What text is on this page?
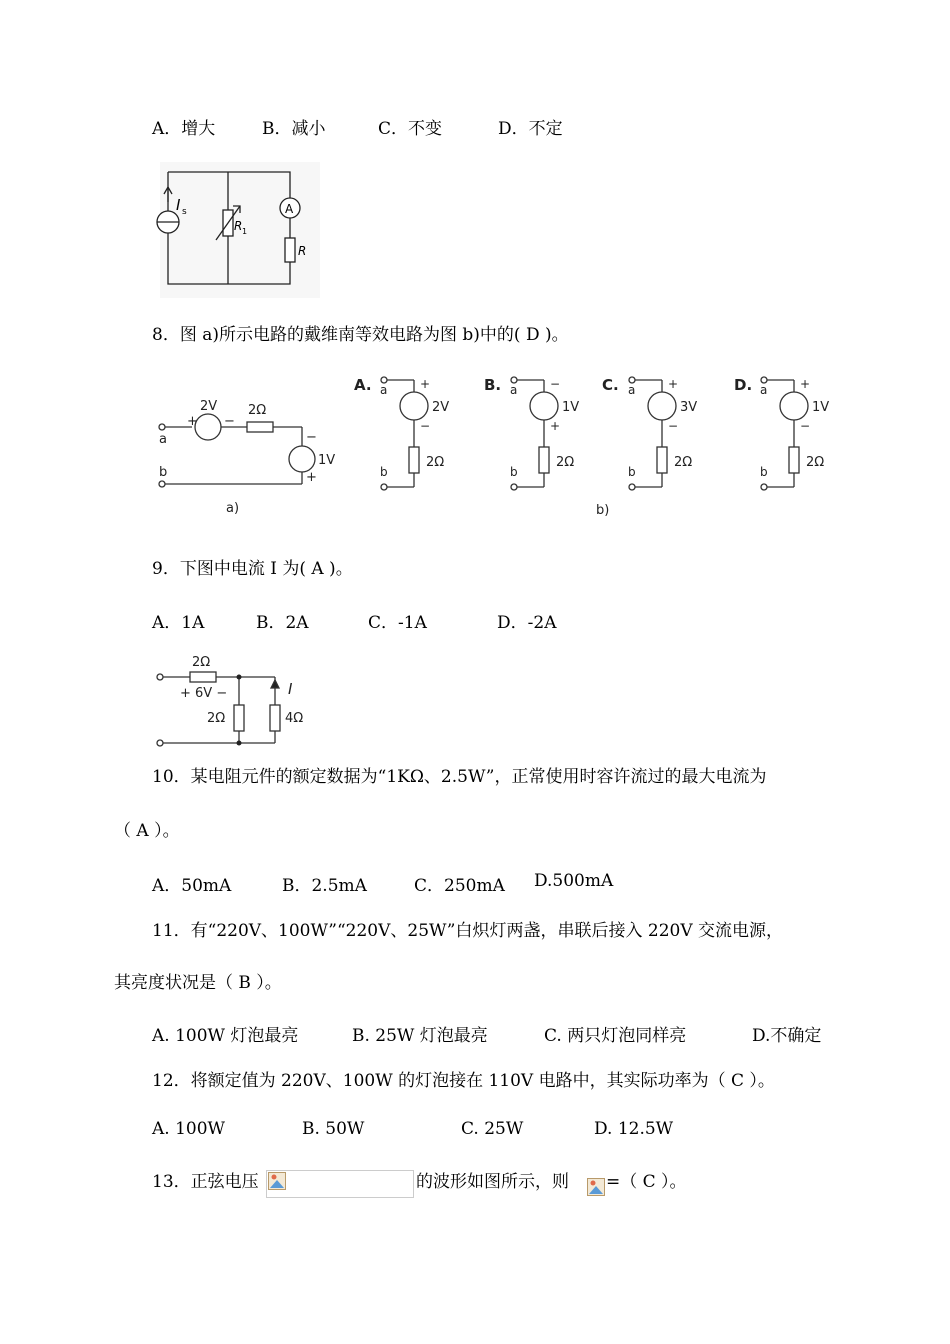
A．增大	B．减小	C．不变	D．不定
I s
R 1
A
R
8．图 a)所示电路的戴维南等效电路为图 b)中的( D )。
2V 2Ω
+ −
−
+
1V
a
b
a)	b)
A. a
b
+
−
2V
2Ω
B. a
b
−
+
1V
2Ω
C. a
b
+
−
3V
2Ω
D. a
b
+
−
1V
2Ω
9．下图中电流 I 为( A )。
A．1A	B．2A	C．-1A	D．-2A
2Ω
+ 6V −
2Ω	4Ω
I
10．某电阻元件的额定数据为“1KΩ、2.5W”，正常使用时容许流过的最大电流为
（ A ）。
A．50mA	B．2.5mA	C．250mA D.500mA
11．有“220V、100W”“220V、25W”白炽灯两盏，串联后接入 220V 交流电源，
其亮度状况是（ B ）。
A. 100W 灯泡最亮	B. 25W 灯泡最亮	C. 两只灯泡同样亮	D.不确定
12．将额定值为 220V、100W 的灯泡接在 110V 电路中，其实际功率为（ C ）。
A. 100W	B. 50W	C. 25W	D. 12.5W
13．正弦电压	的波形如图所示，则 =（ C ）。
